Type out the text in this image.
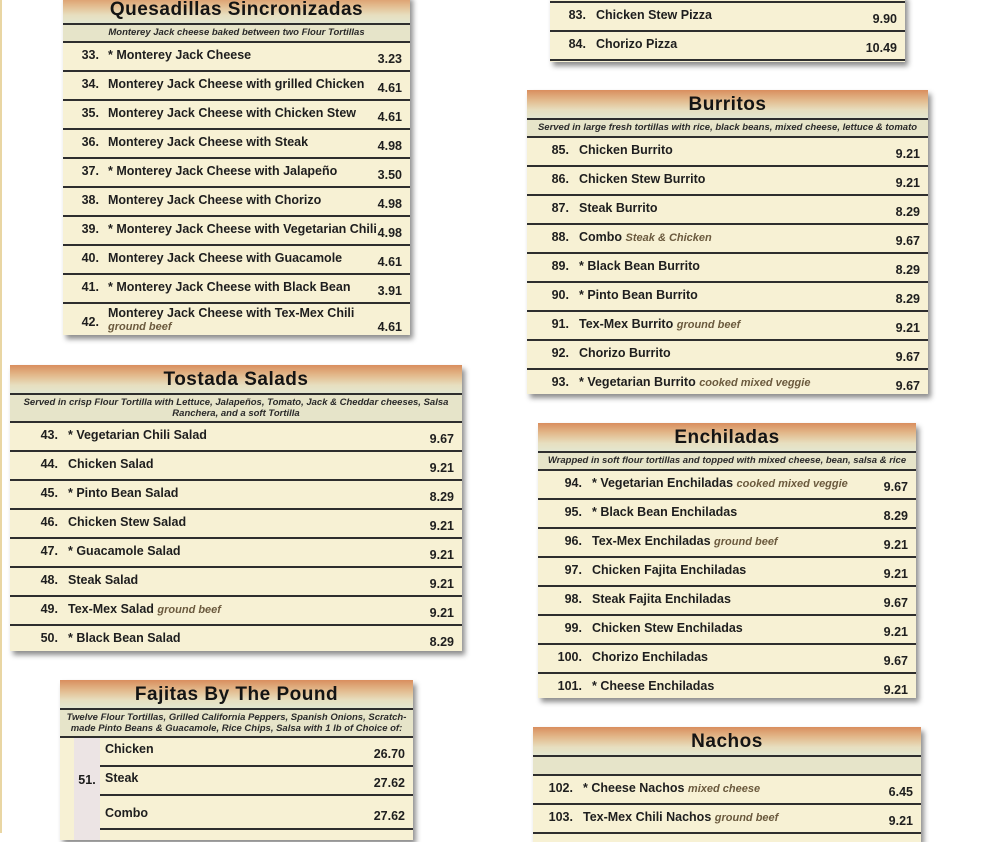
Quesadillas Sincronizadas
Monterey Jack cheese baked between two Flour Tortillas
33. * Monterey Jack Cheese	3.23
34. Monterey Jack Cheese with grilled Chicken 4.61
35. Monterey Jack Cheese with Chicken Stew 4.61
36. Monterey Jack Cheese with Steak	4.98
37. * Monterey Jack Cheese with Jalapeño	3.50
38. Monterey Jack Cheese with Chorizo	4.98
39. * Monterey Jack Cheese with Vegetarian Chili 4.98
40. Monterey Jack Cheese with Guacamole	4.61
41. * Monterey Jack Cheese with Black Bean 3.91
42.
Monterey Jack Cheese with Tex-Mex Chili
ground beef	4.61
Tostada Salads
Served in crisp Flour Tortilla with Lettuce, Jalapeños, Tomato, Jack & Cheddar cheeses, Salsa Ranchera, and a soft Tortilla
43. * Vegetarian Chili Salad	9.67
44. Chicken Salad	9.21
45. * Pinto Bean Salad	8.29
46. Chicken Stew Salad	9.21
47. * Guacamole Salad	9.21
48. Steak Salad	9.21
49. Tex-Mex Salad ground beef	9.21
50. * Black Bean Salad	8.29
Fajitas By The Pound
Twelve Flour Tortillas, Grilled California Peppers, Spanish Onions, Scratch-made Pinto Beans & Guacamole, Rice Chips, Salsa with 1 lb of Choice of:
51.
Chicken	26.70
Steak	27.62
Combo	27.62
83. Chicken Stew Pizza	9.90
84. Chorizo Pizza	10.49
Burritos
Served in large fresh tortillas with rice, black beans, mixed cheese, lettuce & tomato
85. Chicken Burrito	9.21
86. Chicken Stew Burrito	9.21
87. Steak Burrito	8.29
88. Combo Steak & Chicken	9.67
89. * Black Bean Burrito	8.29
90. * Pinto Bean Burrito	8.29
91. Tex-Mex Burrito ground beef	9.21
92. Chorizo Burrito	9.67
93. * Vegetarian Burrito cooked mixed veggie	9.67
Enchiladas
Wrapped in soft flour tortillas and topped with mixed cheese, bean, salsa & rice
94. * Vegetarian Enchiladas cooked mixed veggie	9.67
95. * Black Bean Enchiladas	8.29
96. Tex-Mex Enchiladas ground beef	9.21
97. Chicken Fajita Enchiladas	9.21
98. Steak Fajita Enchiladas	9.67
99. Chicken Stew Enchiladas	9.21
100. Chorizo Enchiladas	9.67
101. * Cheese Enchiladas	9.21
Nachos
102. * Cheese Nachos mixed cheese	6.45
103. Tex-Mex Chili Nachos ground beef	9.21
